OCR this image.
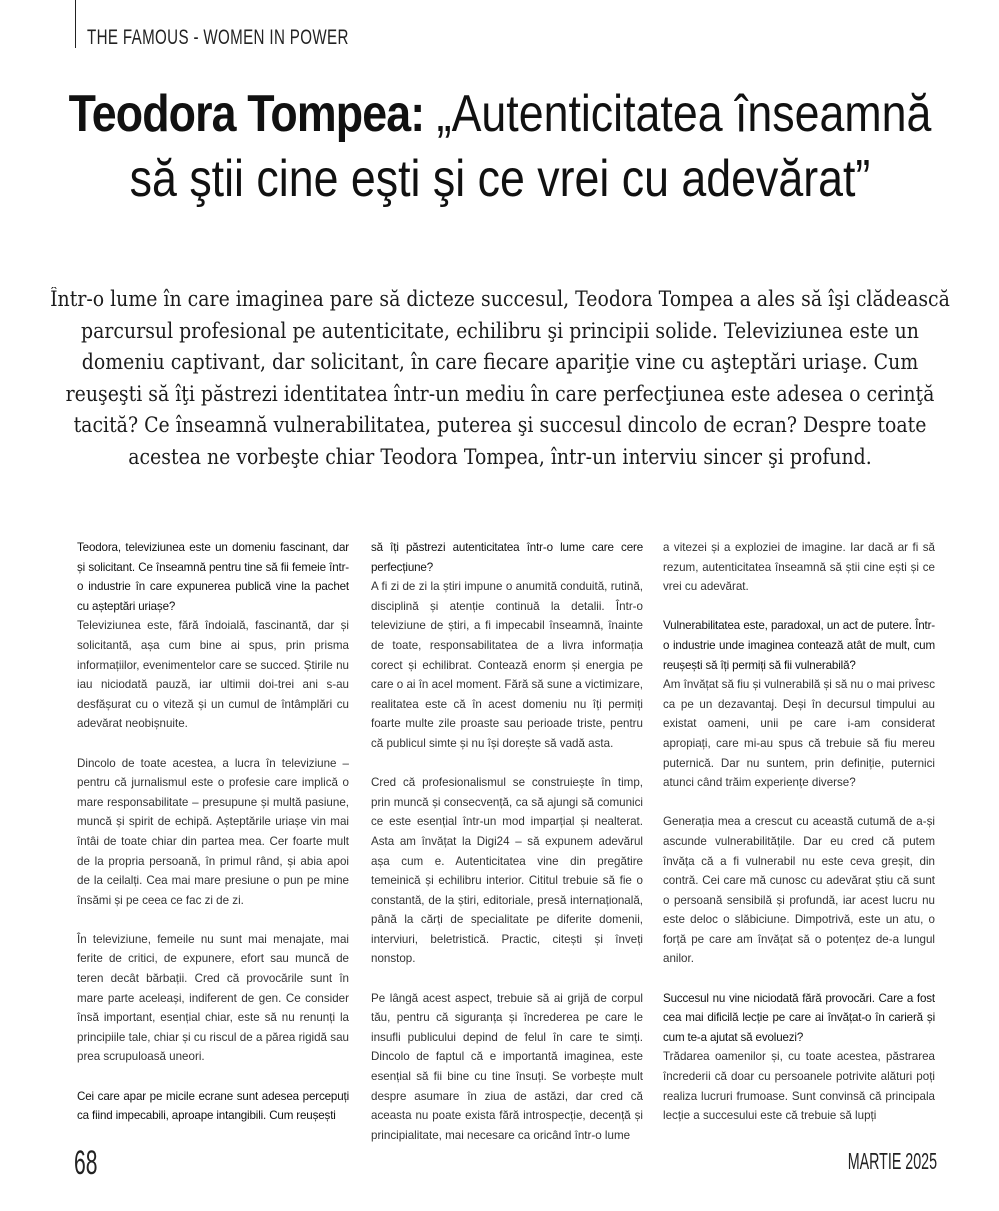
THE FAMOUS - WOMEN IN POWER
Teodora Tompea: „Autenticitatea înseamnă să ştii cine eşti şi ce vrei cu adevărat”
Într-o lume în care imaginea pare să dicteze succesul, Teodora Tompea a ales să îşi clădească parcursul profesional pe autenticitate, echilibru şi principii solide. Televiziunea este un domeniu captivant, dar solicitant, în care fiecare apariţie vine cu aşteptări uriaşe. Cum reuşeşti să îţi păstrezi identitatea într-un mediu în care perfecţiunea este adesea o cerinţă tacită? Ce înseamnă vulnerabilitatea, puterea şi succesul dincolo de ecran? Despre toate acestea ne vorbeşte chiar Teodora Tompea, într-un interviu sincer şi profund.

Teodora, televiziunea este un domeniu fascinant, dar și solicitant. Ce înseamnă pentru tine să fii femeie într-o industrie în care expunerea publică vine la pachet cu așteptări uriașe?
Televiziunea este, fără îndoială, fascinantă, dar și solicitantă, așa cum bine ai spus, prin prisma informațiilor, evenimentelor care se succed. Știrile nu iau niciodată pauză, iar ultimii doi-trei ani s-au desfășurat cu o viteză și un cumul de întâmplări cu adevărat neobișnuite.

Dincolo de toate acestea, a lucra în televiziune – pentru că jurnalismul este o profesie care implică o mare responsabilitate – presupune și multă pasiune, muncă și spirit de echipă. Așteptările uriașe vin mai întâi de toate chiar din partea mea. Cer foarte mult de la propria persoană, în primul rând, și abia apoi de la ceilalți. Cea mai mare presiune o pun pe mine însămi și pe ceea ce fac zi de zi.

În televiziune, femeile nu sunt mai menajate, mai ferite de critici, de expunere, efort sau muncă de teren decât bărbații. Cred că provocările sunt în mare parte aceleași, indiferent de gen. Ce consider însă important, esențial chiar, este să nu renunți la principiile tale, chiar și cu riscul de a părea rigidă sau prea scrupuloasă uneori.

Cei care apar pe micile ecrane sunt adesea percepuți ca fiind impecabili, aproape intangibili. Cum reușești

să îți păstrezi autenticitatea într-o lume care cere perfecțiune?
A fi zi de zi la știri impune o anumită conduită, rutină, disciplină și atenție continuă la detalii. Într-o televiziune de știri, a fi impecabil înseamnă, înainte de toate, responsabilitatea de a livra informația corect și echilibrat. Contează enorm și energia pe care o ai în acel moment. Fără să sune a victimizare, realitatea este că în acest domeniu nu îți permiți foarte multe zile proaste sau perioade triste, pentru că publicul simte și nu își dorește să vadă asta.

Cred că profesionalismul se construiește în timp, prin muncă și consecvență, ca să ajungi să comunici ce este esențial într-un mod imparțial și nealterat. Asta am învățat la Digi24 – să expunem adevărul așa cum e. Autenticitatea vine din pregătire temeinică și echilibru interior. Cititul trebuie să fie o constantă, de la știri, editoriale, presă internațională, până la cărți de specialitate pe diferite domenii, interviuri, beletristică. Practic, citești și înveți nonstop.

Pe lângă acest aspect, trebuie să ai grijă de corpul tău, pentru că siguranța și încrederea pe care le insufli publicului depind de felul în care te simți. Dincolo de faptul că e importantă imaginea, este esențial să fii bine cu tine însuți. Se vorbește mult despre asumare în ziua de astăzi, dar cred că aceasta nu poate exista fără introspecție, decență și principialitate, mai necesare ca oricând într-o lume

a vitezei și a exploziei de imagine. Iar dacă ar fi să rezum, autenticitatea înseamnă să știi cine ești și ce vrei cu adevărat.

Vulnerabilitatea este, paradoxal, un act de putere. Într-o industrie unde imaginea contează atât de mult, cum reușești să îți permiți să fii vulnerabilă?
Am învățat să fiu și vulnerabilă și să nu o mai privesc ca pe un dezavantaj. Deși în decursul timpului au existat oameni, unii pe care i-am considerat apropiați, care mi-au spus că trebuie să fiu mereu puternică. Dar nu suntem, prin definiție, puternici atunci când trăim experiențe diverse?

Generația mea a crescut cu această cutumă de a-și ascunde vulnerabilitățile. Dar eu cred că putem învăța că a fi vulnerabil nu este ceva greșit, din contră. Cei care mă cunosc cu adevărat știu că sunt o persoană sensibilă și profundă, iar acest lucru nu este deloc o slăbiciune. Dimpotrivă, este un atu, o forță pe care am învățat să o potențez de-a lungul anilor.

Succesul nu vine niciodată fără provocări. Care a fost cea mai dificilă lecție pe care ai învățat-o în carieră și cum te-a ajutat să evoluezi?
Trădarea oamenilor și, cu toate acestea, păstrarea încrederii că doar cu persoanele potrivite alături poți realiza lucruri frumoase. Sunt convinsă că principala lecție a succesului este că trebuie să lupți

68	MARTIE 2025
